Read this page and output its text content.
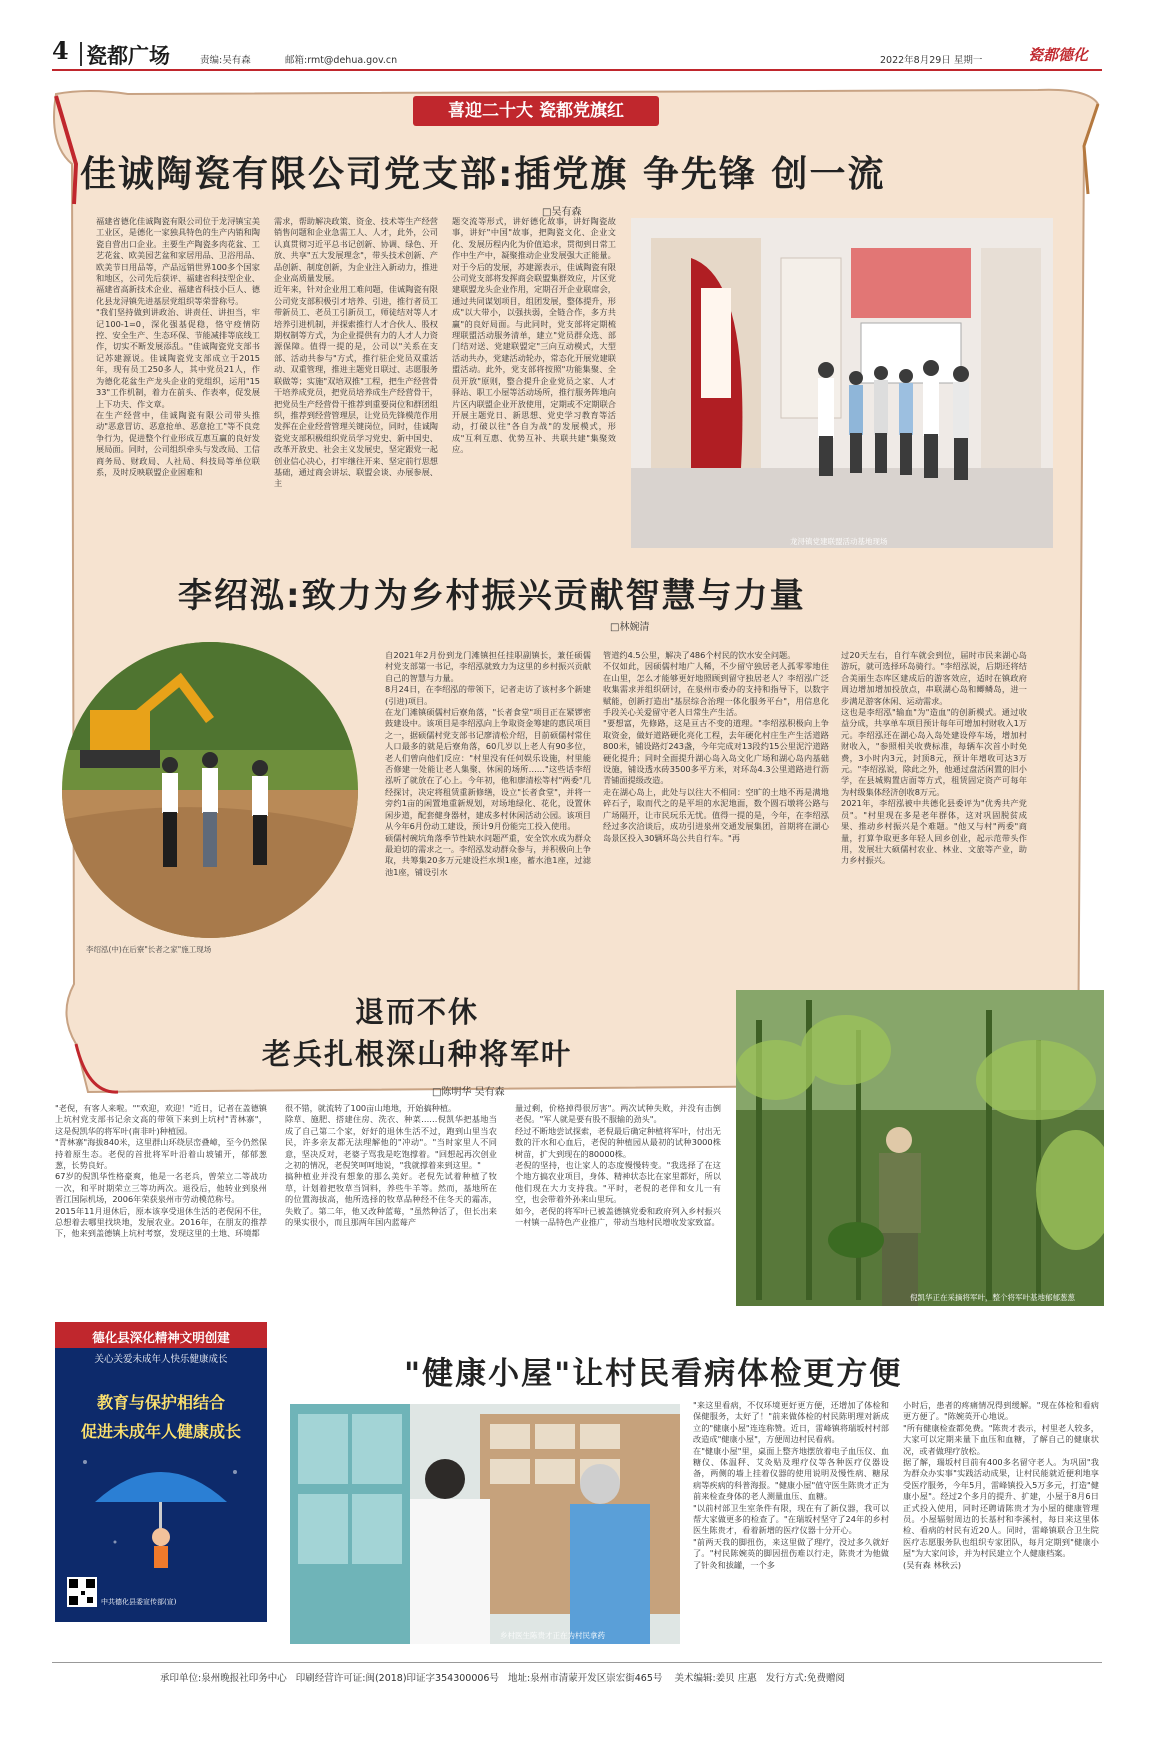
4 瓷都广场	责编:吴有森	邮箱:rmt@dehua.gov.cn	2022年8月29日 星期一	瓷都德化
喜迎二十大 瓷都党旗红
佳诚陶瓷有限公司党支部:插党旗 争先锋 创一流
□吴有森
福建省德化佳诚陶瓷有限公司位于龙浔镇宝美工业区，是德化一家独具特色的生产内销和陶瓷自营出口企业。主要生产陶瓷多肉花盆、工艺花盆、欧美园艺盆和家居用品、卫浴用品、欧美节日用品等，产品远销世界100多个国家和地区，公司先后获评、福建省科技型企业、福建省高新技术企业、福建省科技小巨人、德化县龙浔镇先进基层党组织等荣誉称号。
"我们坚持做到讲政治、讲责任、讲担当，牢记100-1=0，深化强基促稳，恪守疫情防控、安全生产、生态环保、节能减排等底线工作，切实不断发展添乱。"佳诚陶瓷党支部书记苏建源说。佳诚陶瓷党支部成立于2015年，现有员工250多人，其中党员21人，作为德化花盆生产龙头企业的党组织，运用"1533"工作机制，着力在前头、作表率，促发展上下功夫、作文章。
在生产经营中，佳诚陶瓷有限公司带头推动"恶意冒访、恶意抢单、恶意抢工"等不良竞争行为，促进整个行业形成互惠互赢的良好发展局面。同时，公司组织牵头与发改局、工信商务局、财政局、人社局、科技局等单位联系，及时反映联盟企业困难和
需求，帮助解决政策、资金、技术等生产经营销售问题和企业急需工人、人才，此外，公司认真贯彻习近平总书记创新、协调、绿色、开放、共享"五大发展理念"，带头技术创新、产品创新、制度创新，为企业注入新动力，推进企业高质量发展。
近年来，针对企业用工难问题，佳诚陶瓷有限公司党支部积极引才培养、引进，推行者员工带新员工、老员工引新员工，师徒结对等人才培养引进机制，并探索推行人才合伙人、股权期权制等方式，为企业提供有力的人才人力资源保障。值得一提的是，公司以"关系在支部、活动共参与"方式，推行驻企党员双重活动、双重管理，推进主题党日联过、志愿服务联做等；实施"双培双推"工程，把生产经营骨干培养成党员，把党员培养成生产经营骨干，把党员生产经营骨干推荐到重要岗位和群团组织，推荐到经营管理层，让党员先锋模范作用发挥在企业经营管理关键岗位，同时，佳诚陶瓷党支部积极组织党员学习党史、新中国史、改革开放史、社会主义发展史，坚定跟党一起创业信心决心，打牢继往开来、坚定前行思想基础，通过商会讲坛、联盟会谈、办展参展、主
题交流等形式，讲好德化故事，讲好陶瓷故事，讲好"中国"故事，把陶瓷文化、企业文化、发展历程内化为价值追求，贯彻到日常工作中生产中，凝聚推动企业发展强大正能量。
对于今后的发展，苏建源表示，佳诚陶瓷有限公司党支部将发挥商会联盟集群效应，片区党建联盟龙头企业作用，定期召开企业联席会，通过共同谋划项目，组团发展，整体提升，形成"以大带小，以强扶弱，全链合作，多方共赢"的良好局面。与此同时，党支部将定期梳理联盟活动服务清单，建立"党员群众选、部门结对送、党建联盟定"三向互动模式，大型活动共办，党建活动轮办，常态化开展党建联盟活动。此外，党支部将按照"功能集聚、全员开放"原则，整合提升企业党员之家、人才驿站、职工小屋等活动场所，推行服务阵地向片区内联盟企业开放使用，定期或不定期联合开展主题党日、新思想、党史学习教育等活动，打破以往"各自为战"的发展模式，形成"互利互惠、优势互补、共联共建"集聚效应。
龙浔镇党建联盟活动基地现场
李绍泓:致力为乡村振兴贡献智慧与力量
□林婉清
李绍泓(中)在后寮"长者之家"施工现场
自2021年2月份到龙门滩镇担任挂职副镇长，兼任硕儒村党支部第一书记，李绍泓就致力为这里的乡村振兴贡献自己的智慧与力量。
8月24日，在李绍泓的带领下，记者走访了该村多个新建(引进)项目。
在龙门滩镇硕儒村后寮角落，"长者食堂"项目正在紧锣密鼓建设中。该项目是李绍泓向上争取资金筹建的惠民项目之一，据硕儒村党支部书记廖清松介绍，目前硕儒村常住人口最多的就是后寮角落，60几岁以上老人有90多位，老人们曾向他们反应："村里没有任何娱乐设施，村里能否修建一处能让老人集聚、休闲的场所……"这些话李绍泓听了就放在了心上。今年初，他和廖清松等村"两委"几经探讨，决定将租赁重新修缮，设立"长者食堂"，并将一旁约1亩的闲置地重新规划，对场地绿化、花化，设置休闲步道，配套健身器材，建成多村休闲活动公园。该项目从今年6月份动工建设，预计9月份能完工投入使用。
硕儒村碗坑角落季节性缺水问题严重，安全饮水成为群众最迫切的需求之一。李绍泓发动群众参与，并积极向上争取，共筹集20多万元建设拦水坝1座，蓄水池1座，过滤池1座，铺设引水
管道约4.5公里，解决了486个村民的饮水安全问题。
不仅如此，因硕儒村地广人稀，不少留守独居老人孤零零地住在山里，怎么才能够更好地照顾到留守独居老人？李绍泓广泛收集需求并组织研讨，在泉州市委办的支持和指导下，以数字赋能，创新打造出"基层综合治理一体化服务平台"，用信息化手段关心关爱留守老人日常生产生活。
"要想富，先修路，这是亘古不变的道理。"李绍泓积极向上争取资金，做好道路硬化亮化工程，去年硬化村庄生产生活道路800米，铺设路灯243盏，今年完成对13段约15公里泥泞道路硬化提升；同时全面提升湖心岛入岛文化广场和湖心岛内基础设施，铺设透水砖3500多平方米，对环岛4.3公里道路进行沥青铺面提级改造。
走在湖心岛上，此处与以往大不相同：空旷的土地不再是满地碎石子，取而代之的是平坦的水泥地面，数个圆石墩将公路与广场隔开，让市民玩乐无忧。值得一提的是，今年，在李绍泓经过多次洽谈后，成功引进泉州交通发展集团，首期将在湖心岛景区投入30辆环岛公共自行车。"再
过20天左右，自行车就会到位，届时市民来湖心岛游玩，就可选择环岛骑行。"李绍泓说，后期还将结合美丽生态库区建成后的游客效应，适时在镇政府周边增加增加投放点，串联湖心岛和鲫鳞岛，进一步满足游客休闲、运动需求。
这也是李绍泓"输血"为"造血"的创新模式。通过收益分成，共享单车项目预计每年可增加村财收入1万元。李绍泓还在湖心岛入岛处建设停车场，增加村财收入，"参照相关收费标准，每辆车次首小时免费，3小时内3元，封顶8元，预计年增收可达3万元。"李绍泓说，除此之外，他通过盘活闲置的旧小学，在县城购置店面等方式，租赁固定资产可每年为村级集体经济创收8万元。
2021年，李绍泓被中共德化县委评为"优秀共产党员"。"村里现在多是老年群体，这对巩固脱贫成果、推动乡村振兴是个难题。"他又与村"两委"商量，打算争取更多年轻人回乡创业，起示范带头作用，发展壮大硕儒村农业、林业、文旅等产业，助力乡村振兴。
退而不休
老兵扎根深山种将军叶
□陈明华 吴有森
"老倪，有客人来啦。""欢迎，欢迎！"近日，记者在盖德镇上坑村党支部书记余文高的带领下来到上坑村"青林寨"，这是倪凯华的将军叶(南非叶)种植园。
"青林寨"海拔840米，这里群山环绕层峦叠嶂，至今仍然保持着原生态。老倪的首批将军叶沿着山坡铺开，郁郁葱葱，长势良好。
67岁的倪凯华性格豪爽，他是一名老兵，曾荣立二等战功一次，和平时期荣立三等功两次。退役后，他转业到泉州晋江国际机场，2006年荣获泉州市劳动模范称号。
2015年11月退休后，原本该享受退休生活的老倪闲不住，总想着去哪里找块地，发展农业。2016年，在朋友的推荐下，他来到盖德镇上坑村考察，发现这里的土地、环境都
很不错，就流转了100亩山地地，开始搞种植。
除草、施肥、搭建住房、洗衣、种菜……倪凯华把基地当成了自己第二个家，好好的退休生活不过，跑到山里当农民，许多亲友都无法理解他的"冲动"。"当时家里人不同意，坚决反对，老婆子骂我是吃饱撑着。"回想起再次创业之初的情况，老倪笑呵呵地说，"我就撑着来到这里。"
搞种植业并没有想象的那么美好。老倪先试着种植了牧草，计划着把牧草当饲料，养些牛羊等。然而，基地所在的位置海拔高，他所选择的牧草品种经不住冬天的霜冻，失败了。第二年，他又改种蓝莓，"虽然种活了，但长出来的果实很小，而且那两年国内蓝莓产
量过剩，价格掉得很厉害"。两次试种失败，并没有击倒老倪。"军人就是要有股不服输的劲头"。
经过不断地尝试探索，老倪最后确定种植将军叶，付出无数的汗水和心血后，老倪的种植园从最初的试种3000株树苗，扩大到现在的80000株。
老倪的坚持，也让家人的态度慢慢转变。"我选择了在这个地方搞农业项目，身体、精神状态比在家里都好，所以他们现在大力支持我。"平时，老倪的老伴和女儿一有空，也会带着外孙来山里玩。
如今，老倪的将军叶已被盖德镇党委和政府列入乡村振兴一村镇一品特色产业推广，带动当地村民增收发家致富。
倪凯华正在采摘将军叶，整个将军叶基地郁郁葱葱
德化县深化精神文明创建
关心关爱未成年人快乐健康成长
教育与保护相结合
促进未成年人健康成长
中共德化县委宣传部(宣)
"健康小屋"让村民看病体检更方便
乡村医生陈贵才正在为村民拿药
"来这里看病，不仅环境更好更方便，还增加了体检和保健服务，太好了！"前来做体检的村民陈明理对新成立的"健康小屋"连连称赞。近日，雷峰镇将瑞坂村村部改造成"健康小屋"，方便周边村民看病。
在"健康小屋"里，桌面上整齐地摆放着电子血压仪、血糖仪、体温秤、艾灸贴及理疗仪等各种医疗仪器设备，两侧的墙上挂着仪器的使用说明及慢性病、糖尿病等疾病的科普海报。"健康小屋"值守医生陈贵才正为前来检查身体的老人测量血压、血糖。
"以前村部卫生室条件有限，现在有了新仪器，我可以帮大家做更多的检查了。"在瑞坂村坚守了24年的乡村医生陈贵才，看着新增的医疗仪器十分开心。
"前两天我的脚扭伤，来这里做了理疗，没过多久就好了。"村民陈婉英的脚因扭伤难以行走，陈贵才为他做了针灸和拔罐，一个多
小时后，患者的疼痛情况得到缓解。"现在体检和看病更方便了。"陈婉英开心地说。
"所有健康检查都免费。"陈贵才表示，村里老人较多，大家可以定期来量下血压和血糖，了解自己的健康状况，或者做理疗放松。
据了解，瑞坂村目前有400多名留守老人。为巩固"我为群众办实事"实践活动成果，让村民能就近便利地享受医疗服务，今年5月，雷峰镇投入5万多元，打造"健康小屋"。经过2个多月的提升、扩建，小屋于8月6日正式投入使用，同时还聘请陈贵才为小屋的健康管理员。小屋辐射周边的长基村和李溪村，每日来这里体检、看病的村民有近20人。同时，雷峰镇联合卫生院医疗志愿服务队也组织专家团队，每月定期到"健康小屋"为大家问诊，并为村民建立个人健康档案。
(吴有森 林秋云)
承印单位:泉州晚报社印务中心 印刷经营许可证:闽(2018)印证字354300006号 地址:泉州市清蒙开发区崇宏街465号 美术编辑:姜贝 庄惠 发行方式:免费赠阅
